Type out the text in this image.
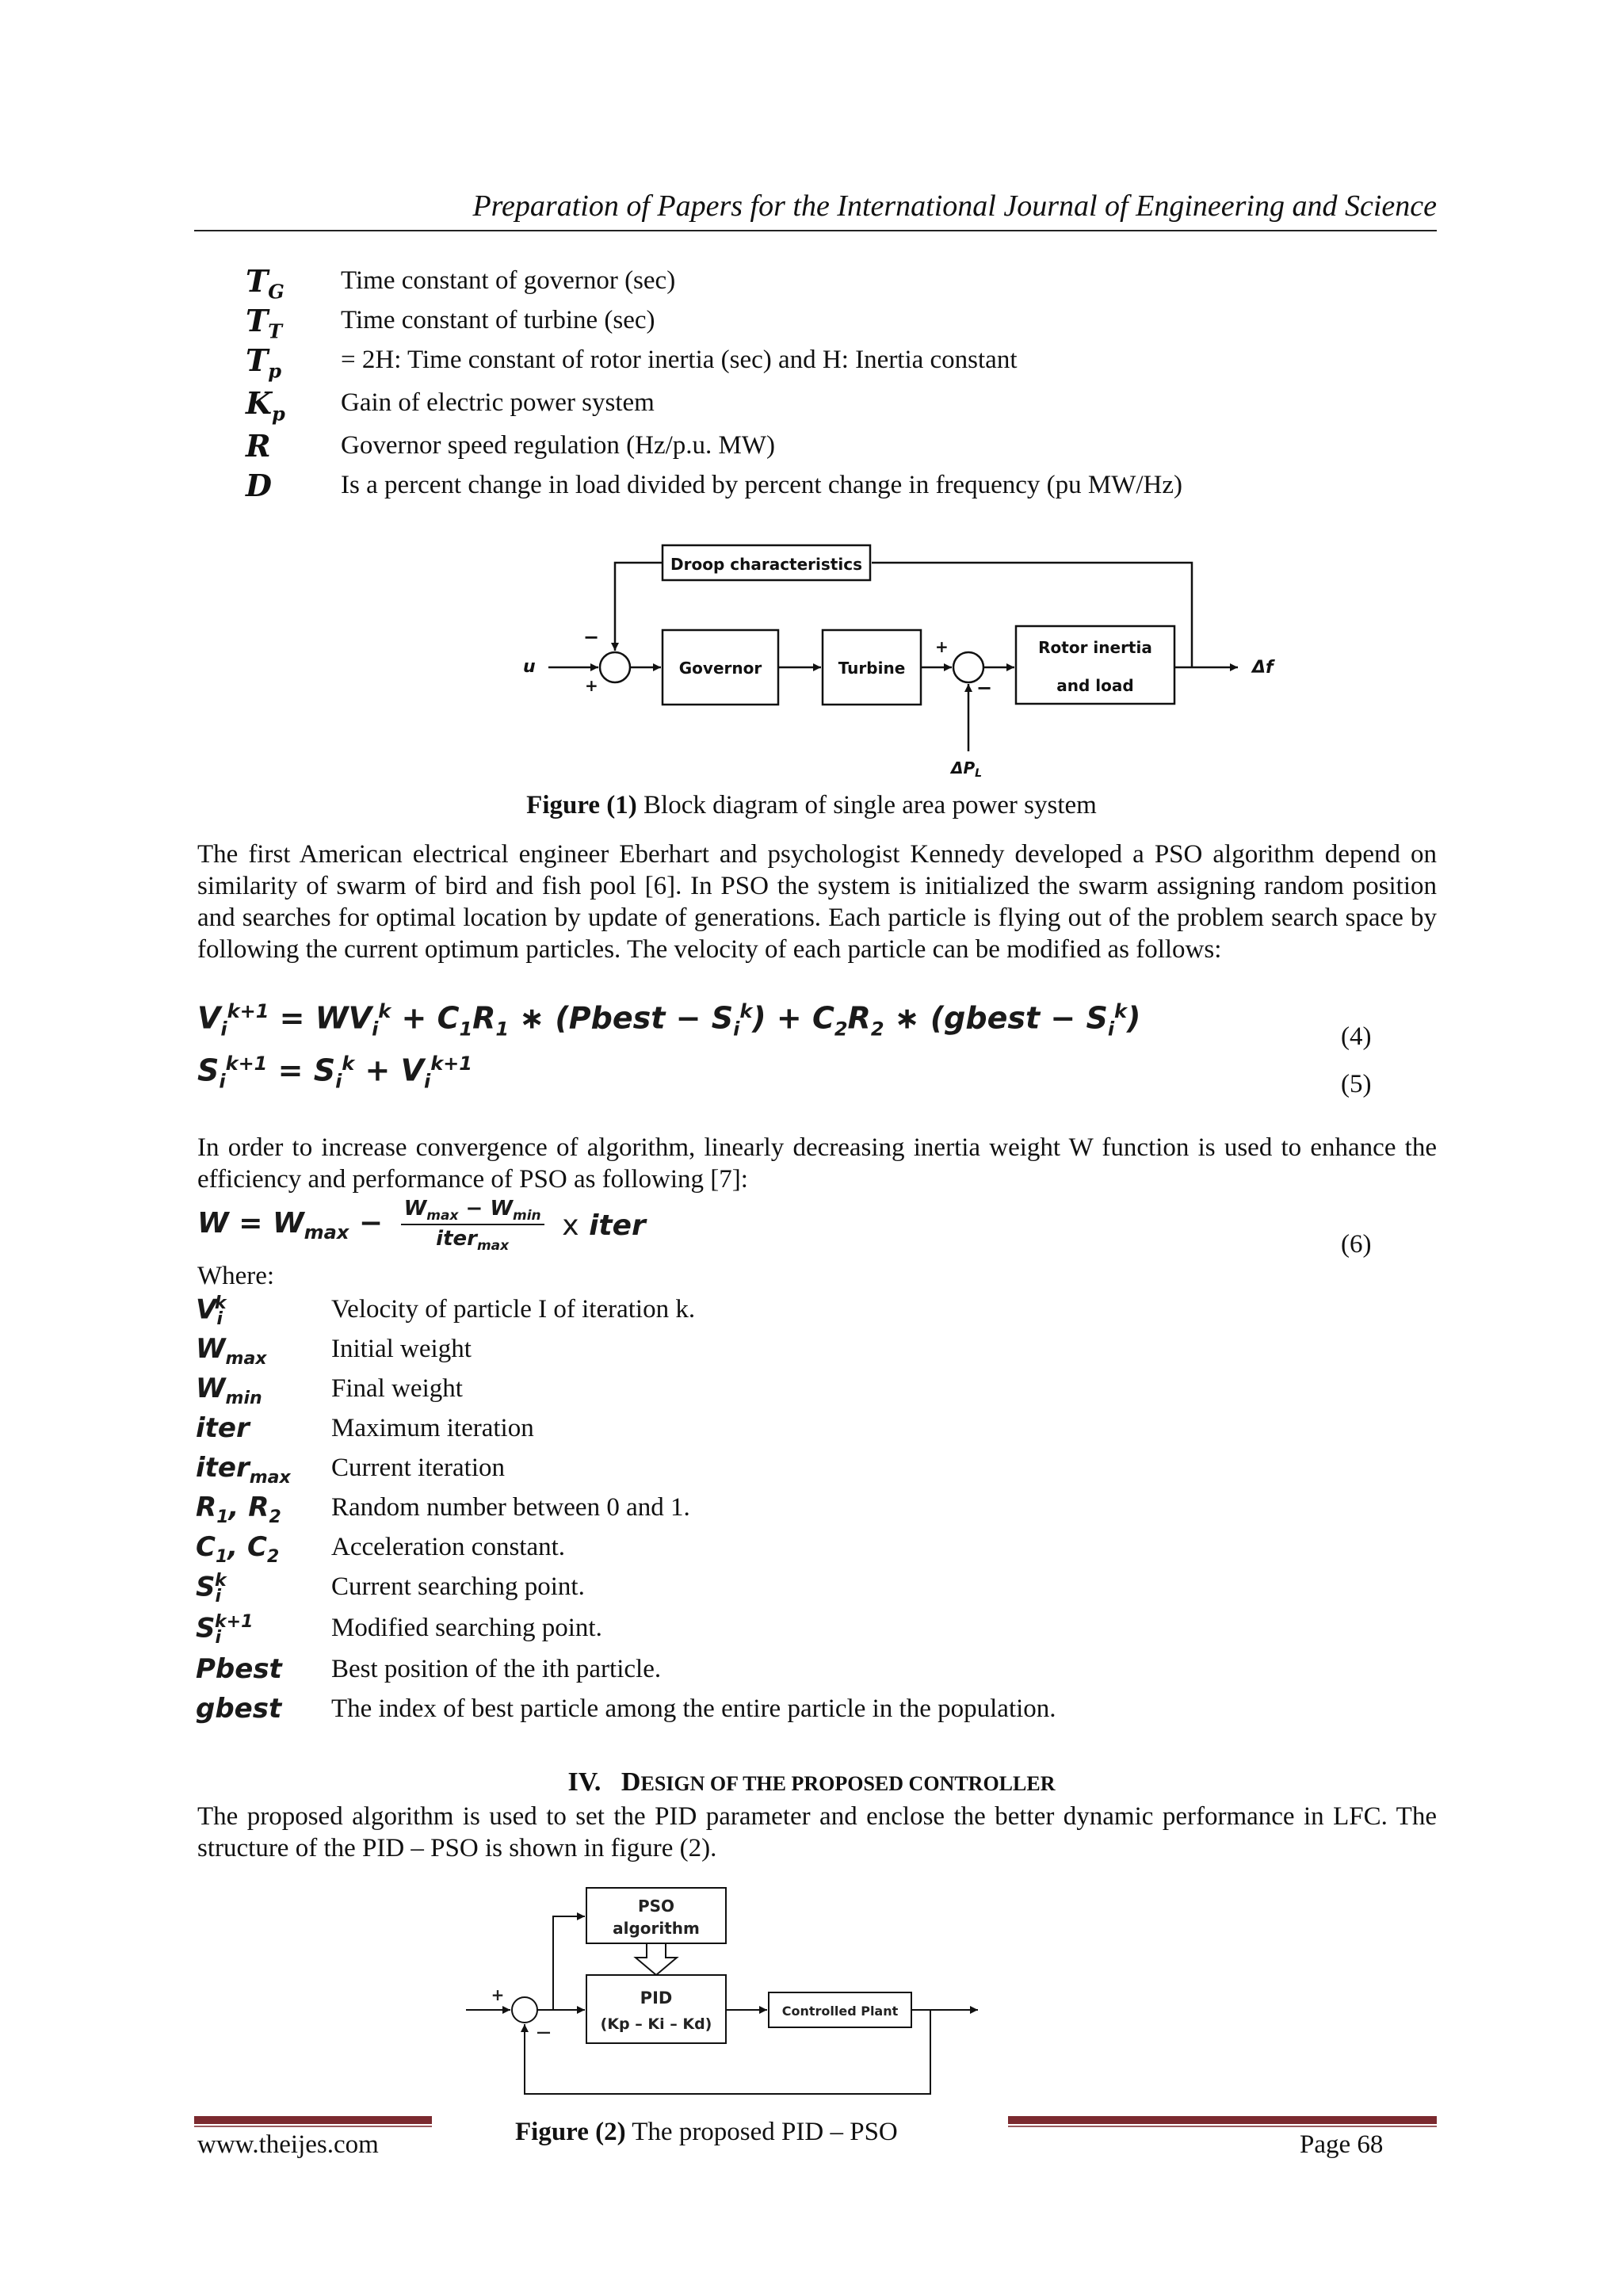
Preparation of Papers for the International Journal of Engineering and Science
$T_G$ Time constant of governor (sec)
$T_T$ Time constant of turbine (sec)
$T_p = 2H$: Time constant of rotor inertia (sec) and H: Inertia constant
$K_p$ Gain of electric power system
R	Governor speed regulation (Hz/p.u. MW)
D	Is a percent change in load divided by percent change in frequency (pu MW/Hz)
Droop characteristics
Governor	Turbine
Rotor inertia
and load
u	Δf
$\Delta P_L$
−
+
+
−
Figure (1) Block diagram of single area power system
The first American electrical engineer Eberhart and psychologist Kennedy developed a PSO algorithm depend on similarity of swarm of bird and fish pool [6]. In PSO the system is initialized the swarm assigning random position and searches for optimal location by update of generations. Each particle is flying out of the problem search space by following the current optimum particles. The velocity of each particle can be modified as follows:
$V_i^{k+1} = WV_i^k + C_1R_1$ ∗ (Pbest − $S_i^k) + C_2R_2$ ∗ (gbest − $S_i^k$)
(4)
$S_i^{k+1} = S_i^k + V_i^{k+1}$
(5)
In order to increase convergence of algorithm, linearly decreasing inertia weight W function is used to enhance the efficiency and performance of PSO as following [7]:
$W = W_{max} - W_{max} - W_{min}$
iter$_{max}$
x iter
(6)
Where:
$V_i^k$	Velocity of particle I of iteration k.
$W_{max}$ Initial weight
$W_{min}$	Final weight
iter	Maximum iteration
iter$_{max}$ Current iteration
$R_1$, $R_2$ Random number between 0 and 1.
$C_1$, $C_2$ Acceleration constant.
$S_i^k$	Current searching point.
$S_i^{k+1}$	Modified searching point.
Pbest Best position of the ith particle.
gbest The index of best particle among the entire particle in the population.
IV. DESIGN OF THE PROPOSED CONTROLLER
The proposed algorithm is used to set the PID parameter and enclose the better dynamic performance in LFC. The structure of the PID – PSO is shown in figure (2).
PSO
algorithm
PID
(Kp – Ki – Kd)
Controlled Plant
+
—
Figure (2) The proposed PID – PSO
www.theijes.com	Page 68
